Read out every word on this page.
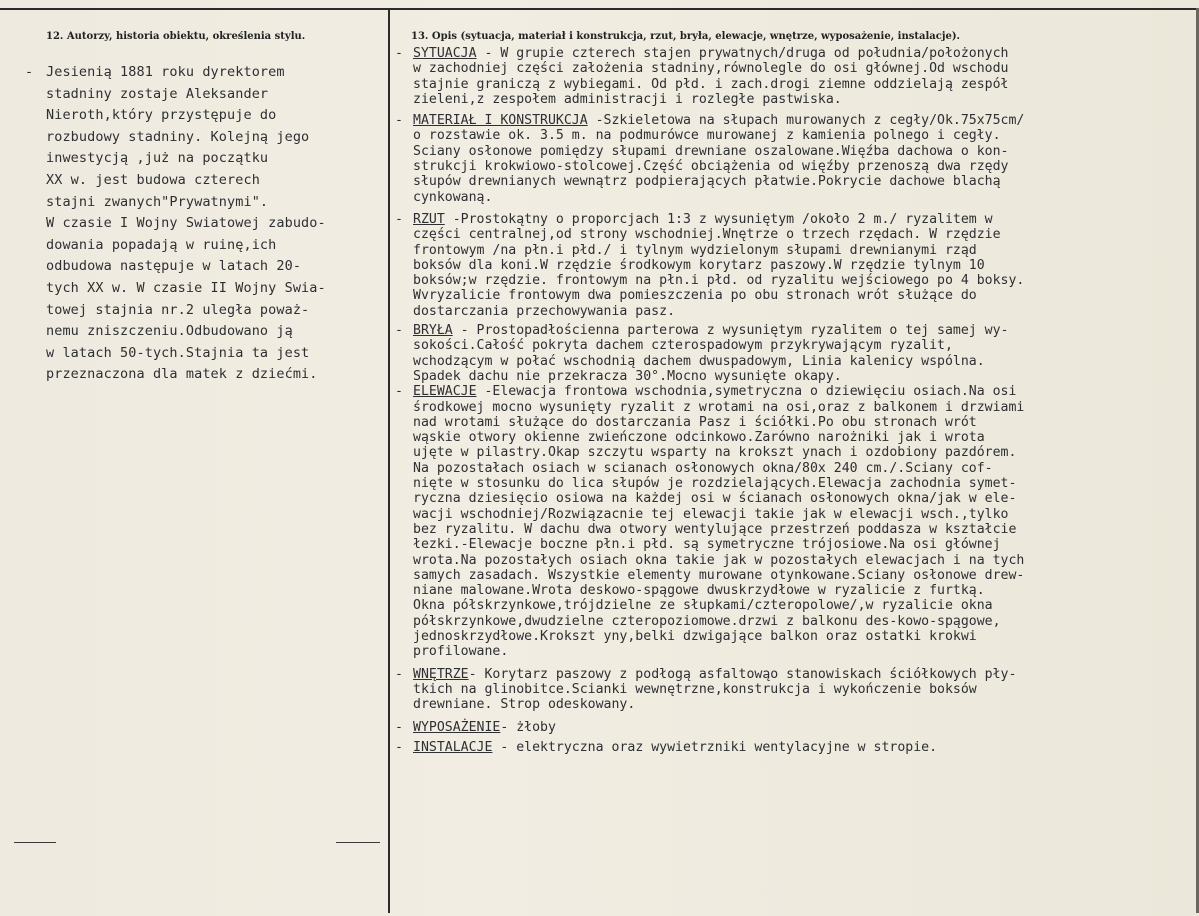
12. Autorzy, historia obiektu, określenia stylu.	13. Opis (sytuacja, materiał i konstrukcja, rzut, bryła, elewacje, wnętrze, wyposażenie, instalacje).
- Jesienią 1881 roku dyrektorem
stadniny zostaje Aleksander
Nieroth,który przystępuje do
rozbudowy stadniny. Kolejną jego
inwestycją ,już na początku
XX w. jest budowa czterech
stajni zwanych"Prywatnymi".
W czasie I Wojny Swiatowej zabudo-
dowania popadają w ruinę,ich
odbudowa następuje w latach 20-
tych XX w. W czasie II Wojny Swia-
towej stajnia nr.2 uległa poważ-
nemu zniszczeniu.Odbudowano ją
w latach 50-tych.Stajnia ta jest
przeznaczona dla matek z dziećmi.
- SYTUACJA - W grupie czterech stajen prywatnych/druga od południa/położonych
w zachodniej części założenia stadniny,równolegle do osi głównej.Od wschodu
stajnie graniczą z wybiegami. Od płd. i zach.drogi ziemne oddzielają zespół
zieleni,z zespołem administracji i rozległe pastwiska.
- MATERIAŁ I KONSTRUKCJA -Szkieletowa na słupach murowanych z cegły/Ok.75x75cm/
o rozstawie ok. 3.5 m. na podmurówce murowanej z kamienia polnego i cegły.
Sciany osłonowe pomiędzy słupami drewniane oszalowane.Więźba dachowa o kon-
strukcji krokwiowo-stolcowej.Część obciążenia od więźby przenoszą dwa rzędy
słupów drewnianych wewnątrz podpierających płatwie.Pokrycie dachowe blachą
cynkowaną.
- RZUT -Prostokątny o proporcjach 1:3 z wysuniętym /około 2 m./ ryzalitem w
części centralnej,od strony wschodniej.Wnętrze o trzech rzędach. W rzędzie
frontowym /na płn.i płd./ i tylnym wydzielonym słupami drewnianymi rząd
boksów dla koni.W rzędzie środkowym korytarz paszowy.W rzędzie tylnym 10
boksów;w rzędzie. frontowym na płn.i płd. od ryzalitu wejściowego po 4 boksy.
Wvryzalicie frontowym dwa pomieszczenia po obu stronach wrót służące do
dostarczania przechowywania pasz.
- BRYŁA - Prostopadłościenna parterowa z wysuniętym ryzalitem o tej samej wy-
sokości.Całość pokryta dachem czterospadowym przykrywającym ryzalit,
wchodzącym w połać wschodnią dachem dwuspadowym, Linia kalenicy wspólna.
Spadek dachu nie przekracza 30°.Mocno wysunięte okapy.
- ELEWACJE -Elewacja frontowa wschodnia,symetryczna o dziewięciu osiach.Na osi
środkowej mocno wysunięty ryzalit z wrotami na osi,oraz z balkonem i drzwiami
nad wrotami służące do dostarczania Pasz i ściółki.Po obu stronach wrót
wąskie otwory okienne zwieńczone odcinkowo.Zarówno narożniki jak i wrota
ujęte w pilastry.Okap szczytu wsparty na krokszt ynach i ozdobiony pazdórem.
Na pozostałach osiach w scianach osłonowych okna/80x 240 cm./.Sciany cof-
nięte w stosunku do lica słupów je rozdzielających.Elewacja zachodnia symet-
ryczna dziesięcio osiowa na każdej osi w ścianach osłonowych okna/jak w ele-
wacji wschodniej/Rozwiązacnie tej elewacji takie jak w elewacji wsch.,tylko
bez ryzalitu. W dachu dwa otwory wentylujące przestrzeń poddasza w kształcie
łezki.-Elewacje boczne płn.i płd. są symetryczne trójosiowe.Na osi głównej
wrota.Na pozostałych osiach okna takie jak w pozostałych elewacjach i na tych
samych zasadach. Wszystkie elementy murowane otynkowane.Sciany osłonowe drew-
niane malowane.Wrota deskowo-spągowe dwuskrzydłowe w ryzalicie z furtką.
Okna półskrzynkowe,trójdzielne ze słupkami/czteropolowe/,w ryzalicie okna
półskrzynkowe,dwudzielne czteropoziomowe.drzwi z balkonu des-kowo-spągowe,
jednoskrzydłowe.Krokszt yny,belki dzwigające balkon oraz ostatki krokwi
profilowane.
- WNĘTRZE- Korytarz paszowy z podłogą asfaltowąo stanowiskach ściółkowych pły-
tkich na glinobitce.Scianki wewnętrzne,konstrukcja i wykończenie boksów
drewniane. Strop odeskowany.
- WYPOSAŻENIE- żłoby
- INSTALACJE - elektryczna oraz wywietrzniki wentylacyjne w stropie.
